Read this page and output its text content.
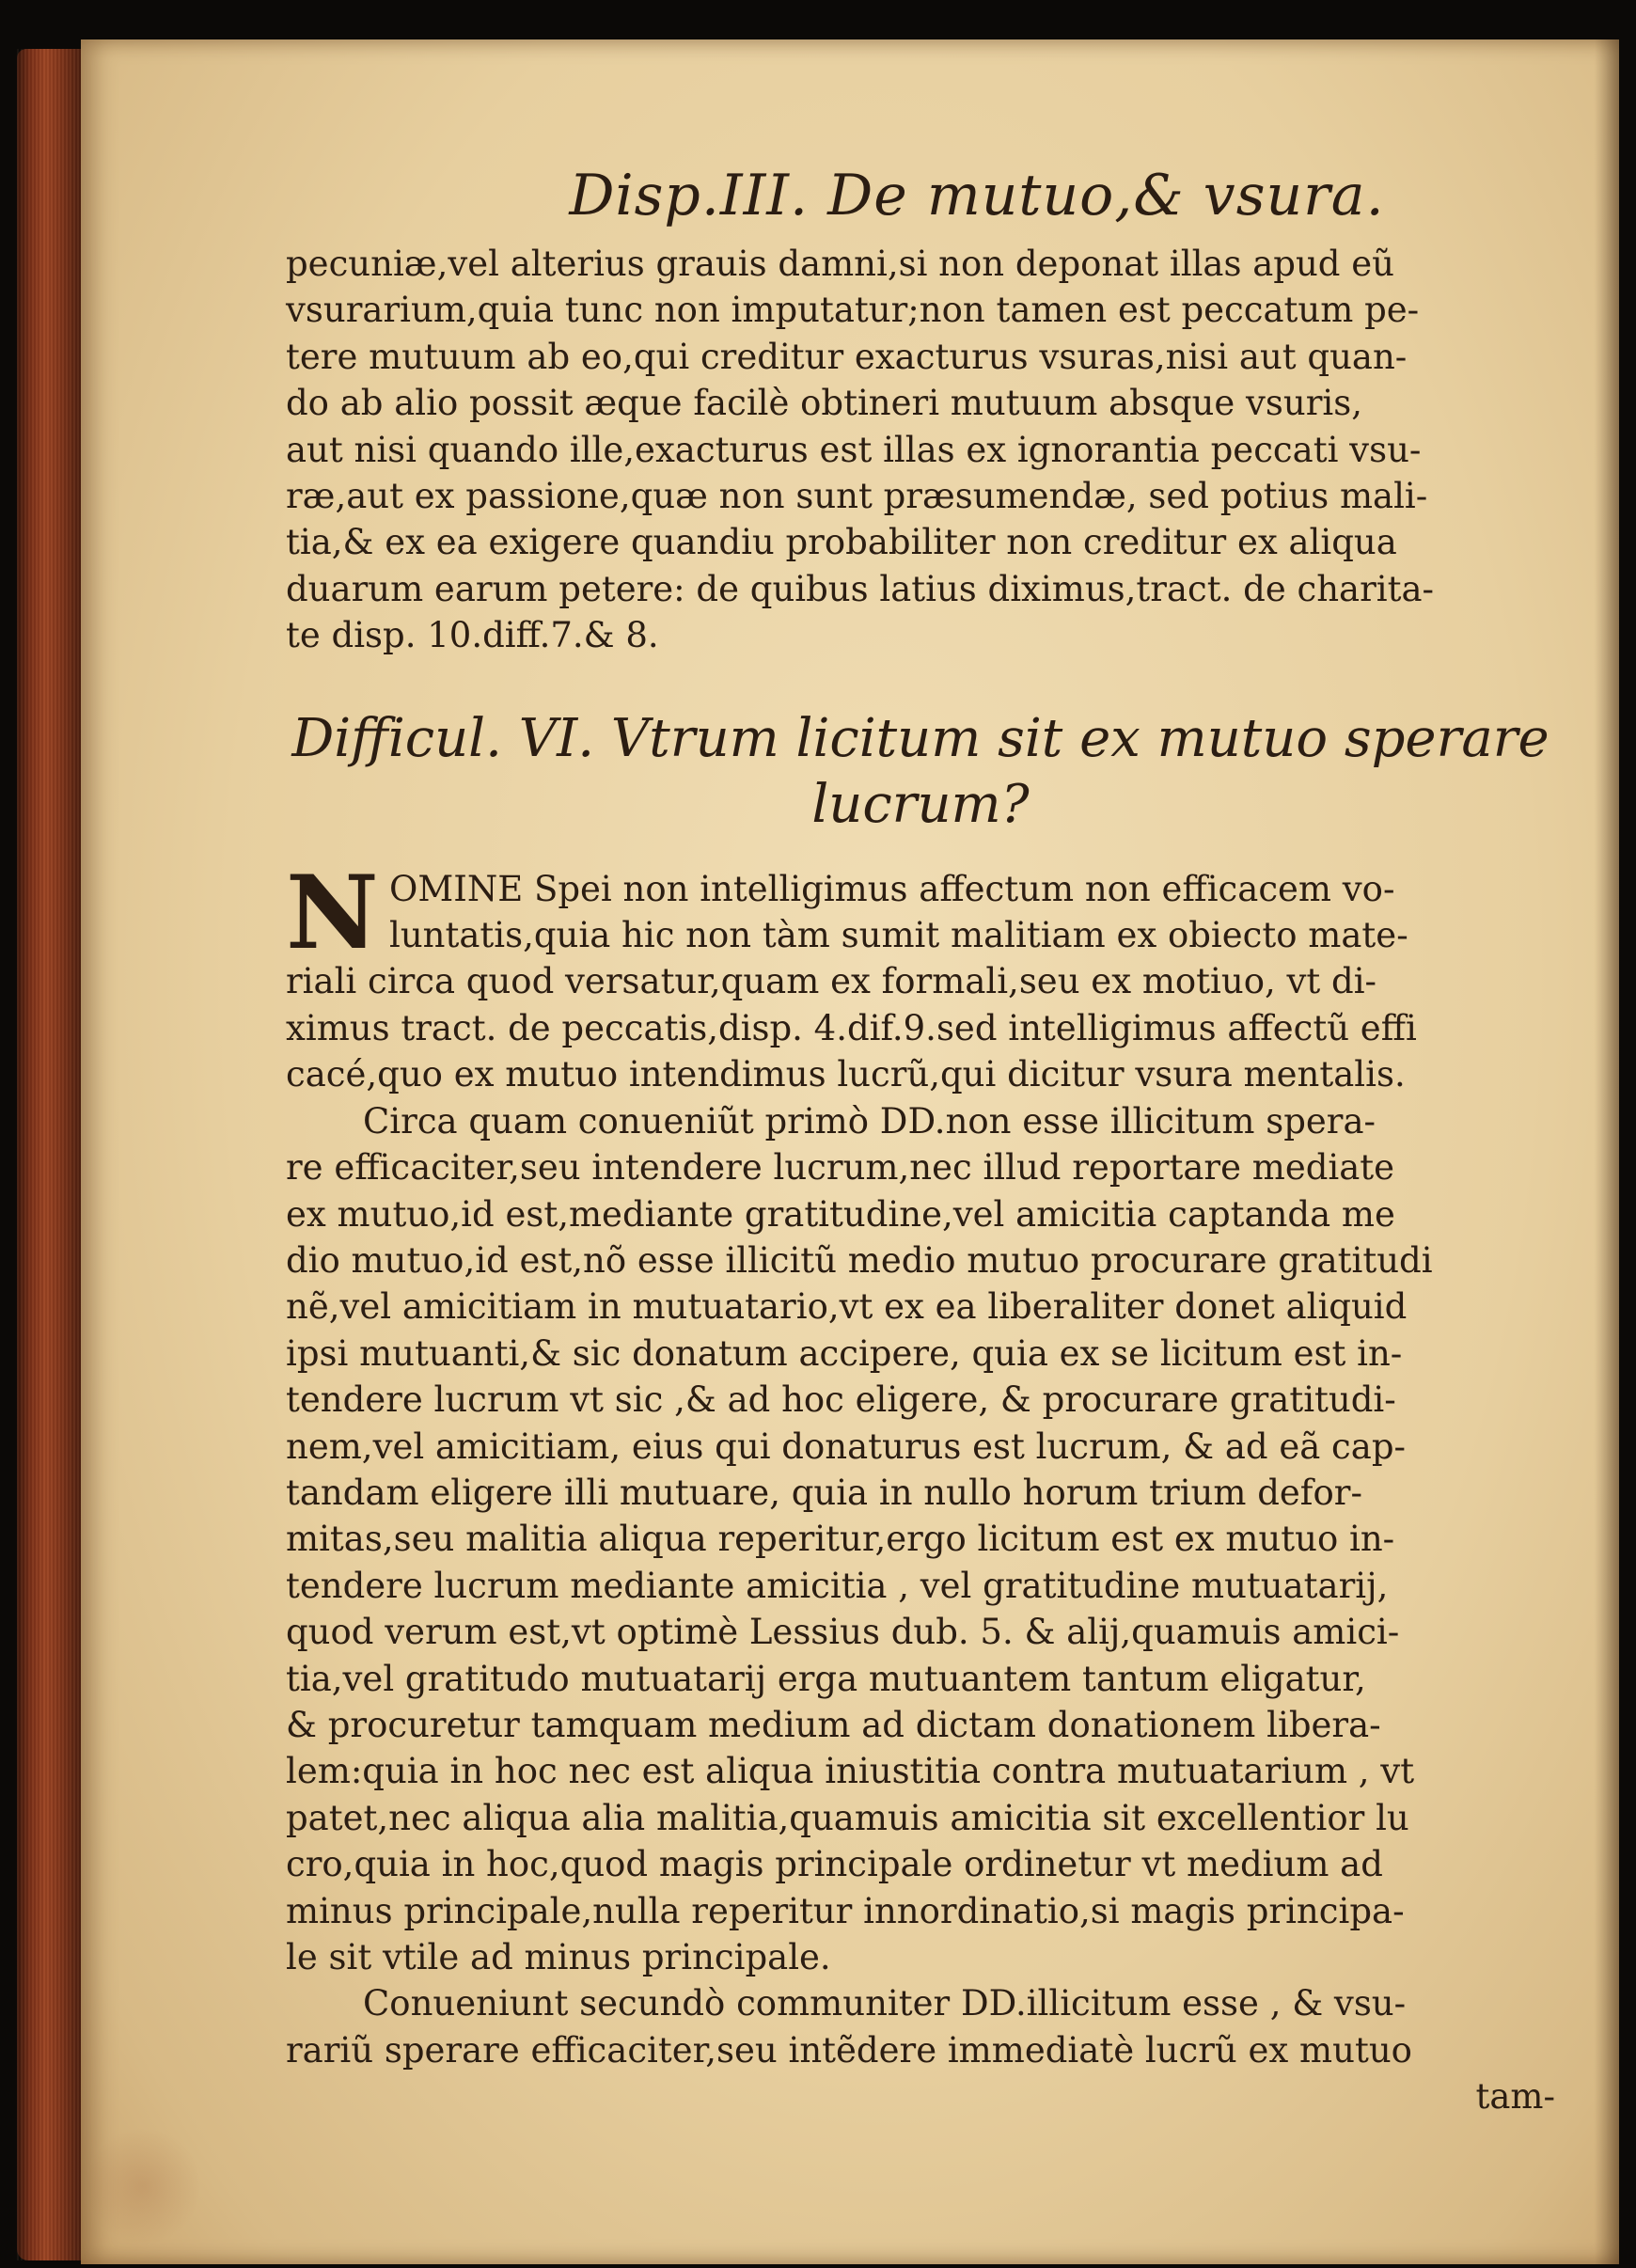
Disp.III. De mutuo,& vsura.
pecuniæ,vel alterius grauis damni,si non deponat illas apud eũ
vsurarium,quia tunc non imputatur;non tamen est peccatum pe-
tere mutuum ab eo,qui creditur exacturus vsuras,nisi aut quan-
do ab alio possit æque facilè obtineri mutuum absque vsuris,
aut nisi quando ille,exacturus est illas ex ignorantia peccati vsu-
ræ,aut ex passione,quæ non sunt præsumendæ, sed potius mali-
tia,& ex ea exigere quandiu probabiliter non creditur ex aliqua
duarum earum petere: de quibus latius diximus,tract. de charita-
te disp. 10.diff.7.& 8.
Difficul. VI. Vtrum licitum sit ex mutuo sperare
lucrum?
N OMINE Spei non intelligimus affectum non efficacem vo-
luntatis,quia hic non tàm sumit malitiam ex obiecto mate-
riali circa quod versatur,quam ex formali,seu ex motiuo, vt di-
ximus tract. de peccatis,disp. 4.dif.9.sed intelligimus affectũ effi
cacé,quo ex mutuo intendimus lucrũ,qui dicitur vsura mentalis.
Circa quam conueniũt primò DD.non esse illicitum spera-
re efficaciter,seu intendere lucrum,nec illud reportare mediate
ex mutuo,id est,mediante gratitudine,vel amicitia captanda me
dio mutuo,id est,nõ esse illicitũ medio mutuo procurare gratitudi
nẽ,vel amicitiam in mutuatario,vt ex ea liberaliter donet aliquid
ipsi mutuanti,& sic donatum accipere, quia ex se licitum est in-
tendere lucrum vt sic ,& ad hoc eligere, & procurare gratitudi-
nem,vel amicitiam, eius qui donaturus est lucrum, & ad eã cap-
tandam eligere illi mutuare, quia in nullo horum trium defor-
mitas,seu malitia aliqua reperitur,ergo licitum est ex mutuo in-
tendere lucrum mediante amicitia , vel gratitudine mutuatarij,
quod verum est,vt optimè Lessius dub. 5. & alij,quamuis amici-
tia,vel gratitudo mutuatarij erga mutuantem tantum eligatur,
& procuretur tamquam medium ad dictam donationem libera-
lem:quia in hoc nec est aliqua iniustitia contra mutuatarium , vt
patet,nec aliqua alia malitia,quamuis amicitia sit excellentior lu
cro,quia in hoc,quod magis principale ordinetur vt medium ad
minus principale,nulla reperitur innordinatio,si magis principa-
le sit vtile ad minus principale.
Conueniunt secundò communiter DD.illicitum esse , & vsu-
rariũ sperare efficaciter,seu intẽdere immediatè lucrũ ex mutuo
tam-
